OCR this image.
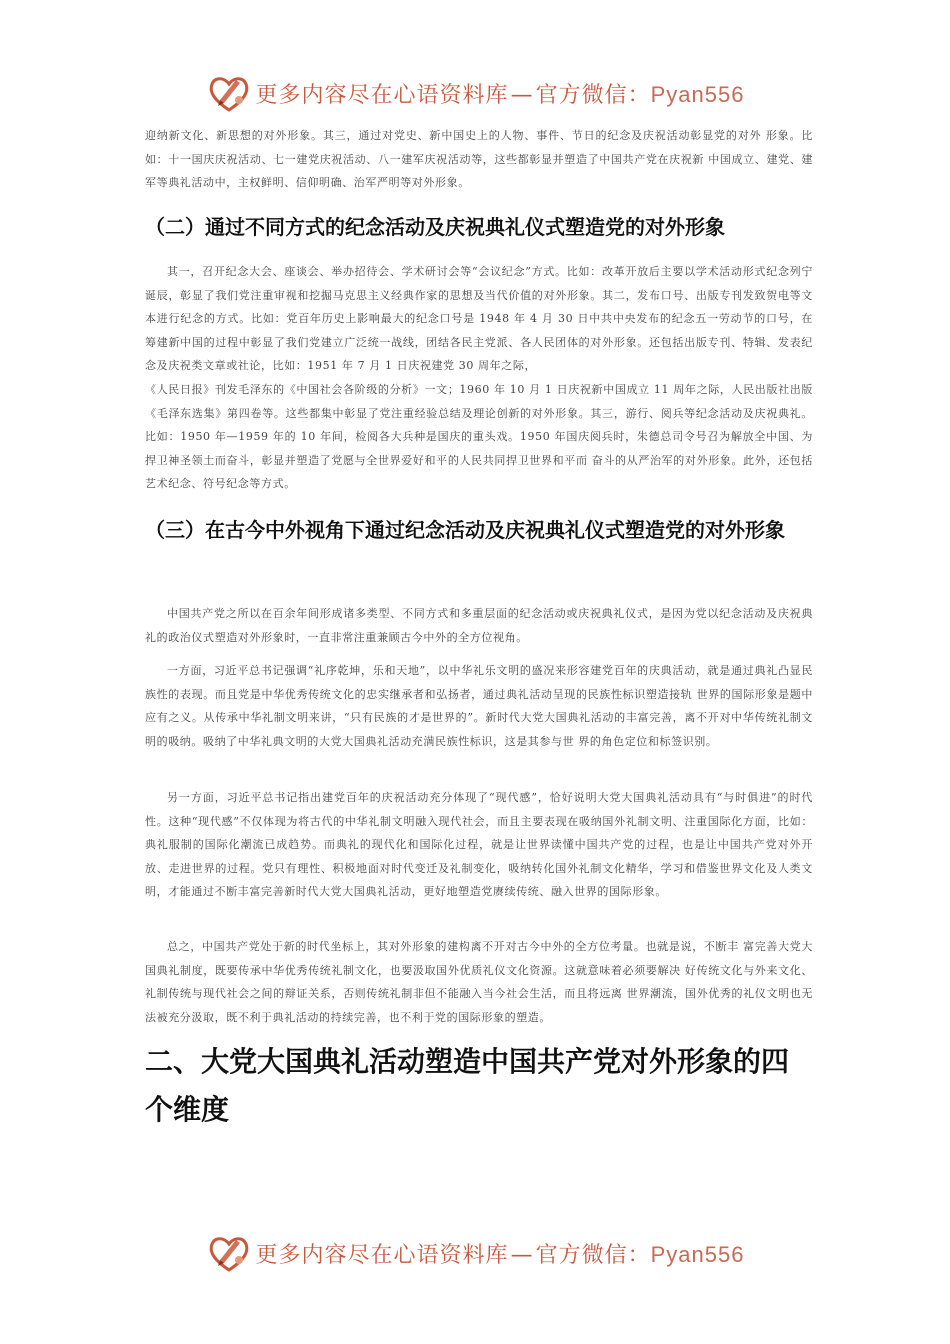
更多内容尽在心语资料库—官方微信：Pyan556
迎纳新文化、新思想的对外形象。其三，通过对党史、新中国史上的人物、事件、节日的纪念及庆祝活动彰显党的对外 形象。比如：十一国庆庆祝活动、七一建党庆祝活动、八一建军庆祝活动等，这些都彰显并塑造了中国共产党在庆祝新 中国成立、建党、建军等典礼活动中，主权鲜明、信仰明确、治军严明等对外形象。
（二）通过不同方式的纪念活动及庆祝典礼仪式塑造党的对外形象
其一，召开纪念大会、座谈会、举办招待会、学术研讨会等“会议纪念”方式。比如：改革开放后主要以学术活动形式纪念列宁诞辰，彰显了我们党注重审视和挖掘马克思主义经典作家的思想及当代价值的对外形象。其二，发布口号、出版专刊发致贺电等文本进行纪念的方式。比如：党百年历史上影响最大的纪念口号是 1948 年 4 月 30 日中共中央发布的纪念五一劳动节的口号，在筹建新中国的过程中彰显了我们党建立广泛统一战线，团结各民主党派、各人民团体的对外形象。还包括出版专刊、特辑、发表纪念及庆祝类文章或社论，比如：1951 年 7 月 1 日庆祝建党 30 周年之际，
《人民日报》刊发毛泽东的《中国社会各阶级的分析》一文；1960 年 10 月 1 日庆祝新中国成立 11 周年之际，人民出版社出版《毛泽东选集》第四卷等。这些都集中彰显了党注重经验总结及理论创新的对外形象。其三，游行、阅兵等纪念活动及庆祝典礼。比如：1950 年—1959 年的 10 年间，检阅各大兵种是国庆的重头戏。1950 年国庆阅兵时，朱德总司令号召为解放全中国、为捍卫神圣领土而奋斗，彰显并塑造了党愿与全世界爱好和平的人民共同捍卫世界和平而 奋斗的从严治军的对外形象。此外，还包括艺术纪念、符号纪念等方式。
（三）在古今中外视角下通过纪念活动及庆祝典礼仪式塑造党的对外形象
中国共产党之所以在百余年间形成诸多类型、不同方式和多重层面的纪念活动或庆祝典礼仪式，是因为党以纪念活动及庆祝典礼的政治仪式塑造对外形象时，一直非常注重兼顾古今中外的全方位视角。
一方面，习近平总书记强调“礼序乾坤，乐和天地”，以中华礼乐文明的盛况来形容建党百年的庆典活动，就是通过典礼凸显民族性的表现。而且党是中华优秀传统文化的忠实继承者和弘扬者，通过典礼活动呈现的民族性标识塑造接轨 世界的国际形象是题中应有之义。从传承中华礼制文明来讲，“只有民族的才是世界的”。新时代大党大国典礼活动的丰富完善，离不开对中华传统礼制文明的吸纳。吸纳了中华礼典文明的大党大国典礼活动充满民族性标识，这是其参与世 界的角色定位和标签识别。
另一方面，习近平总书记指出建党百年的庆祝活动充分体现了“现代感”，恰好说明大党大国典礼活动具有“与时俱进”的时代性。这种“现代感”不仅体现为将古代的中华礼制文明融入现代社会，而且主要表现在吸纳国外礼制文明、注重国际化方面，比如：典礼服制的国际化潮流已成趋势。而典礼的现代化和国际化过程，就是让世界读懂中国共产党的过程，也是让中国共产党对外开放、走进世界的过程。党只有理性、积极地面对时代变迁及礼制变化，吸纳转化国外礼制文化精华，学习和借鉴世界文化及人类文明，才能通过不断丰富完善新时代大党大国典礼活动，更好地塑造党赓续传统、融入世界的国际形象。
总之，中国共产党处于新的时代坐标上，其对外形象的建构离不开对古今中外的全方位考量。也就是说，不断丰 富完善大党大国典礼制度，既要传承中华优秀传统礼制文化，也要汲取国外优质礼仪文化资源。这就意味着必须要解决 好传统文化与外来文化、礼制传统与现代社会之间的辩证关系，否则传统礼制非但不能融入当今社会生活，而且将远离 世界潮流，国外优秀的礼仪文明也无法被充分汲取，既不利于典礼活动的持续完善，也不利于党的国际形象的塑造。
二、大党大国典礼活动塑造中国共产党对外形象的四个维度
更多内容尽在心语资料库—官方微信：Pyan556
